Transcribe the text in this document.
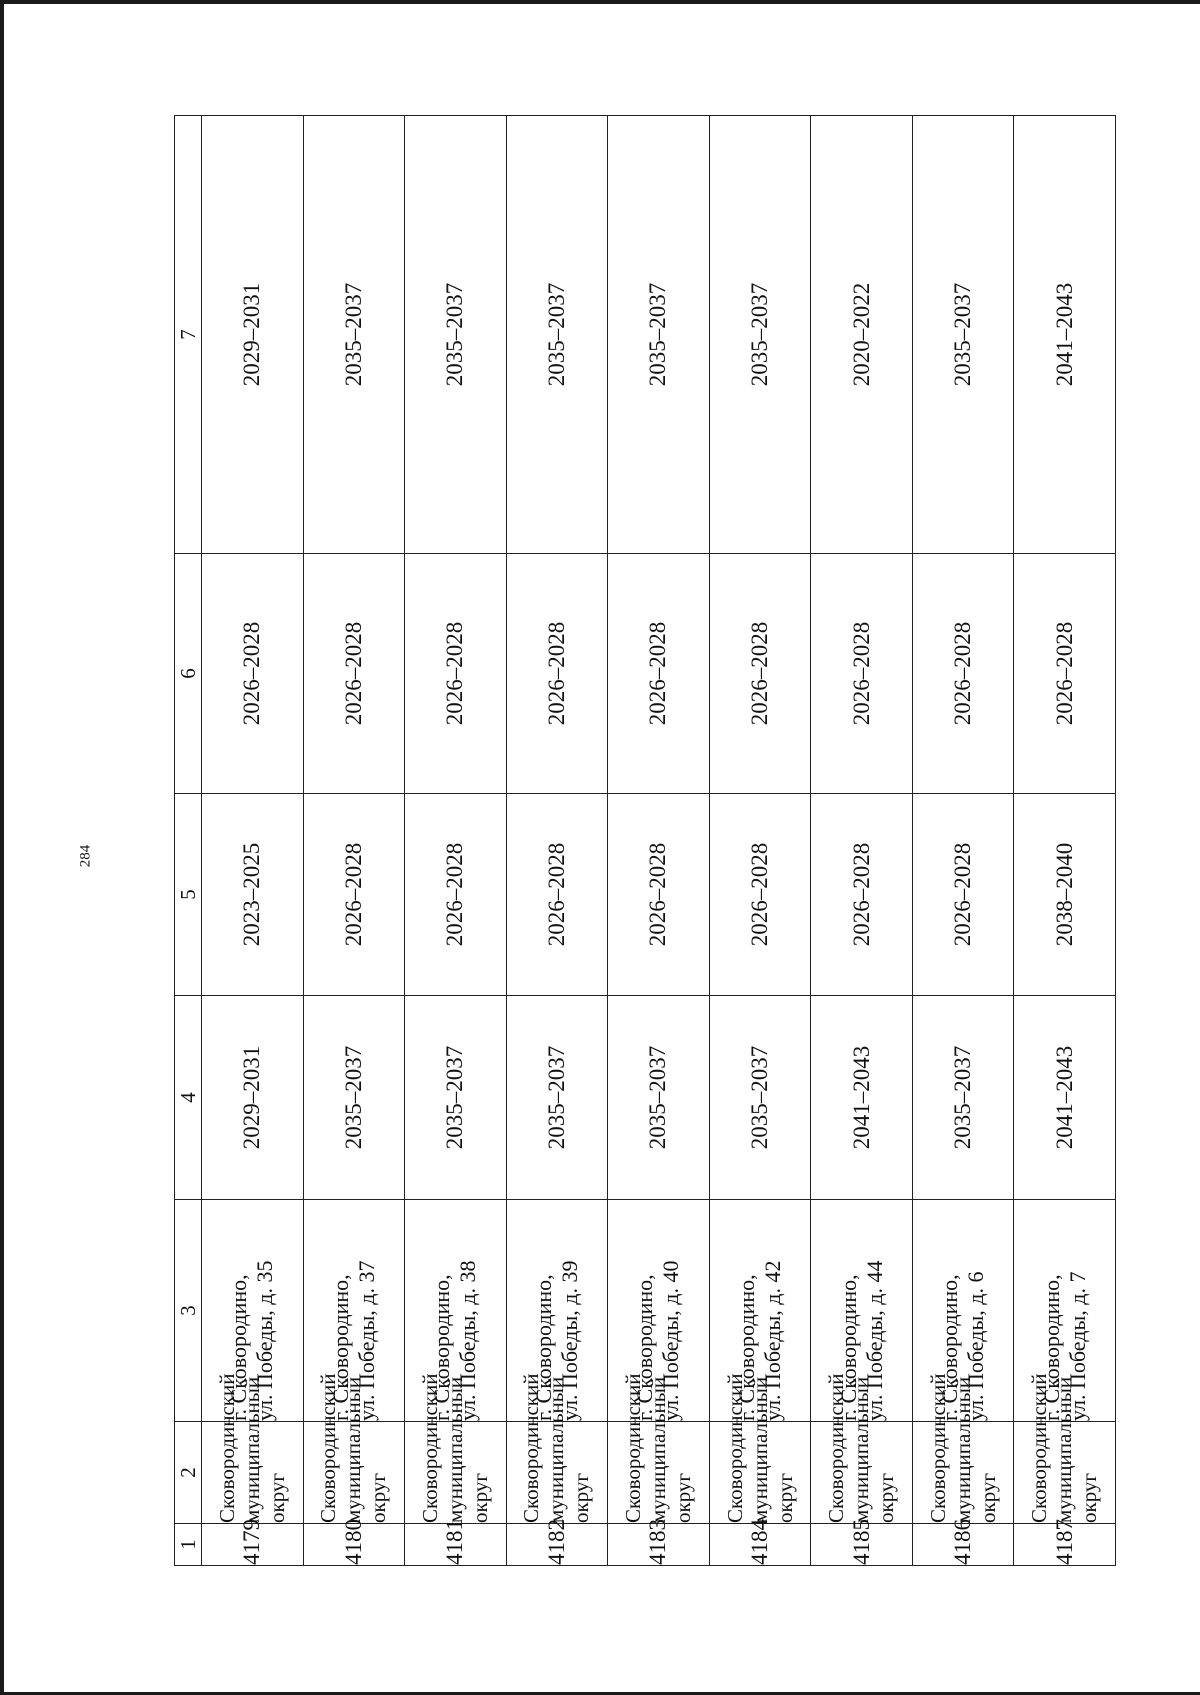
284
1	2	3	4	5	6	7
4179	Сковородинский муниципальный округ	г. Сковородино, ул. Победы, д. 35	2029–2031	2023–2025	2026–2028	2029–2031
4180	Сковородинский муниципальный округ	г. Сковородино, ул. Победы, д. 37	2035–2037	2026–2028	2026–2028	2035–2037
4181	Сковородинский муниципальный округ	г. Сковородино, ул. Победы, д. 38	2035–2037	2026–2028	2026–2028	2035–2037
4182	Сковородинский муниципальный округ	г. Сковородино, ул. Победы, д. 39	2035–2037	2026–2028	2026–2028	2035–2037
4183	Сковородинский муниципальный округ	г. Сковородино, ул. Победы, д. 40	2035–2037	2026–2028	2026–2028	2035–2037
4184	Сковородинский муниципальный округ	г. Сковородино, ул. Победы, д. 42	2035–2037	2026–2028	2026–2028	2035–2037
4185	Сковородинский муниципальный округ	г. Сковородино, ул. Победы, д. 44	2041–2043	2026–2028	2026–2028	2020–2022
4186	Сковородинский муниципальный округ	г. Сковородино, ул. Победы, д. 6	2035–2037	2026–2028	2026–2028	2035–2037
4187	Сковородинский муниципальный округ	г. Сковородино, ул. Победы, д. 7	2041–2043	2038–2040	2026–2028	2041–2043
